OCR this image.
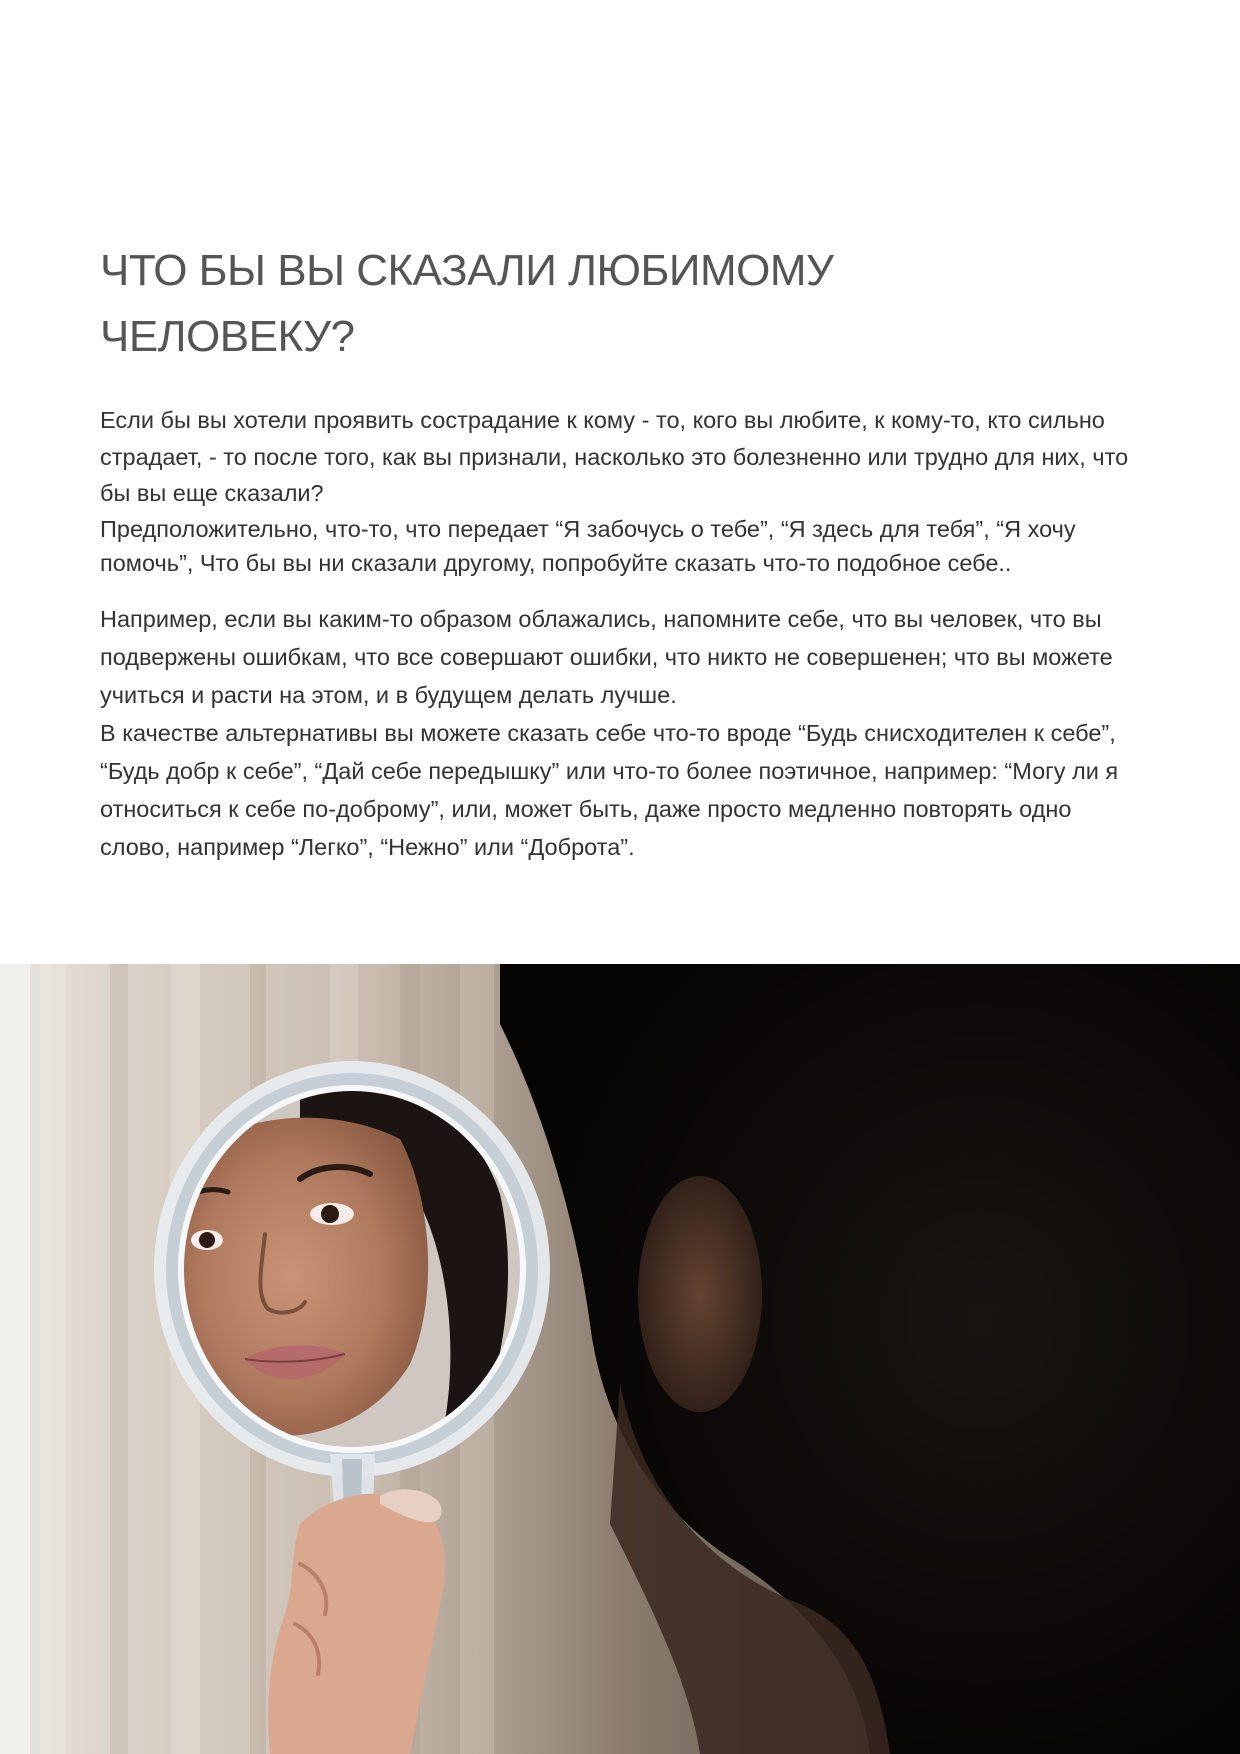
ЧТО БЫ ВЫ СКАЗАЛИ ЛЮБИМОМУ
ЧЕЛОВЕКУ?

Если бы вы хотели проявить сострадание к кому - то, кого вы любите, к кому-то, кто сильно страдает, - то после того, как вы признали, насколько это болезненно или трудно для них, что бы вы еще сказали?

Предположительно, что-то, что передает “Я забочусь о тебе”, “Я здесь для тебя”, “Я хочу помочь”, Что бы вы ни сказали другому, попробуйте сказать что-то подобное себе..

Например, если вы каким-то образом облажались, напомните себе, что вы человек, что вы подвержены ошибкам, что все совершают ошибки, что никто не совершенен; что вы можете учиться и расти на этом, и в будущем делать лучше.

В качестве альтернативы вы можете сказать себе что-то вроде “Будь снисходителен к себе”, “Будь добр к себе”, “Дай себе передышку” или что-то более поэтичное, например: “Могу ли я относиться к себе по-доброму”, или, может быть, даже просто медленно повторять одно слово, например “Легко”, “Нежно” или “Доброта”.
